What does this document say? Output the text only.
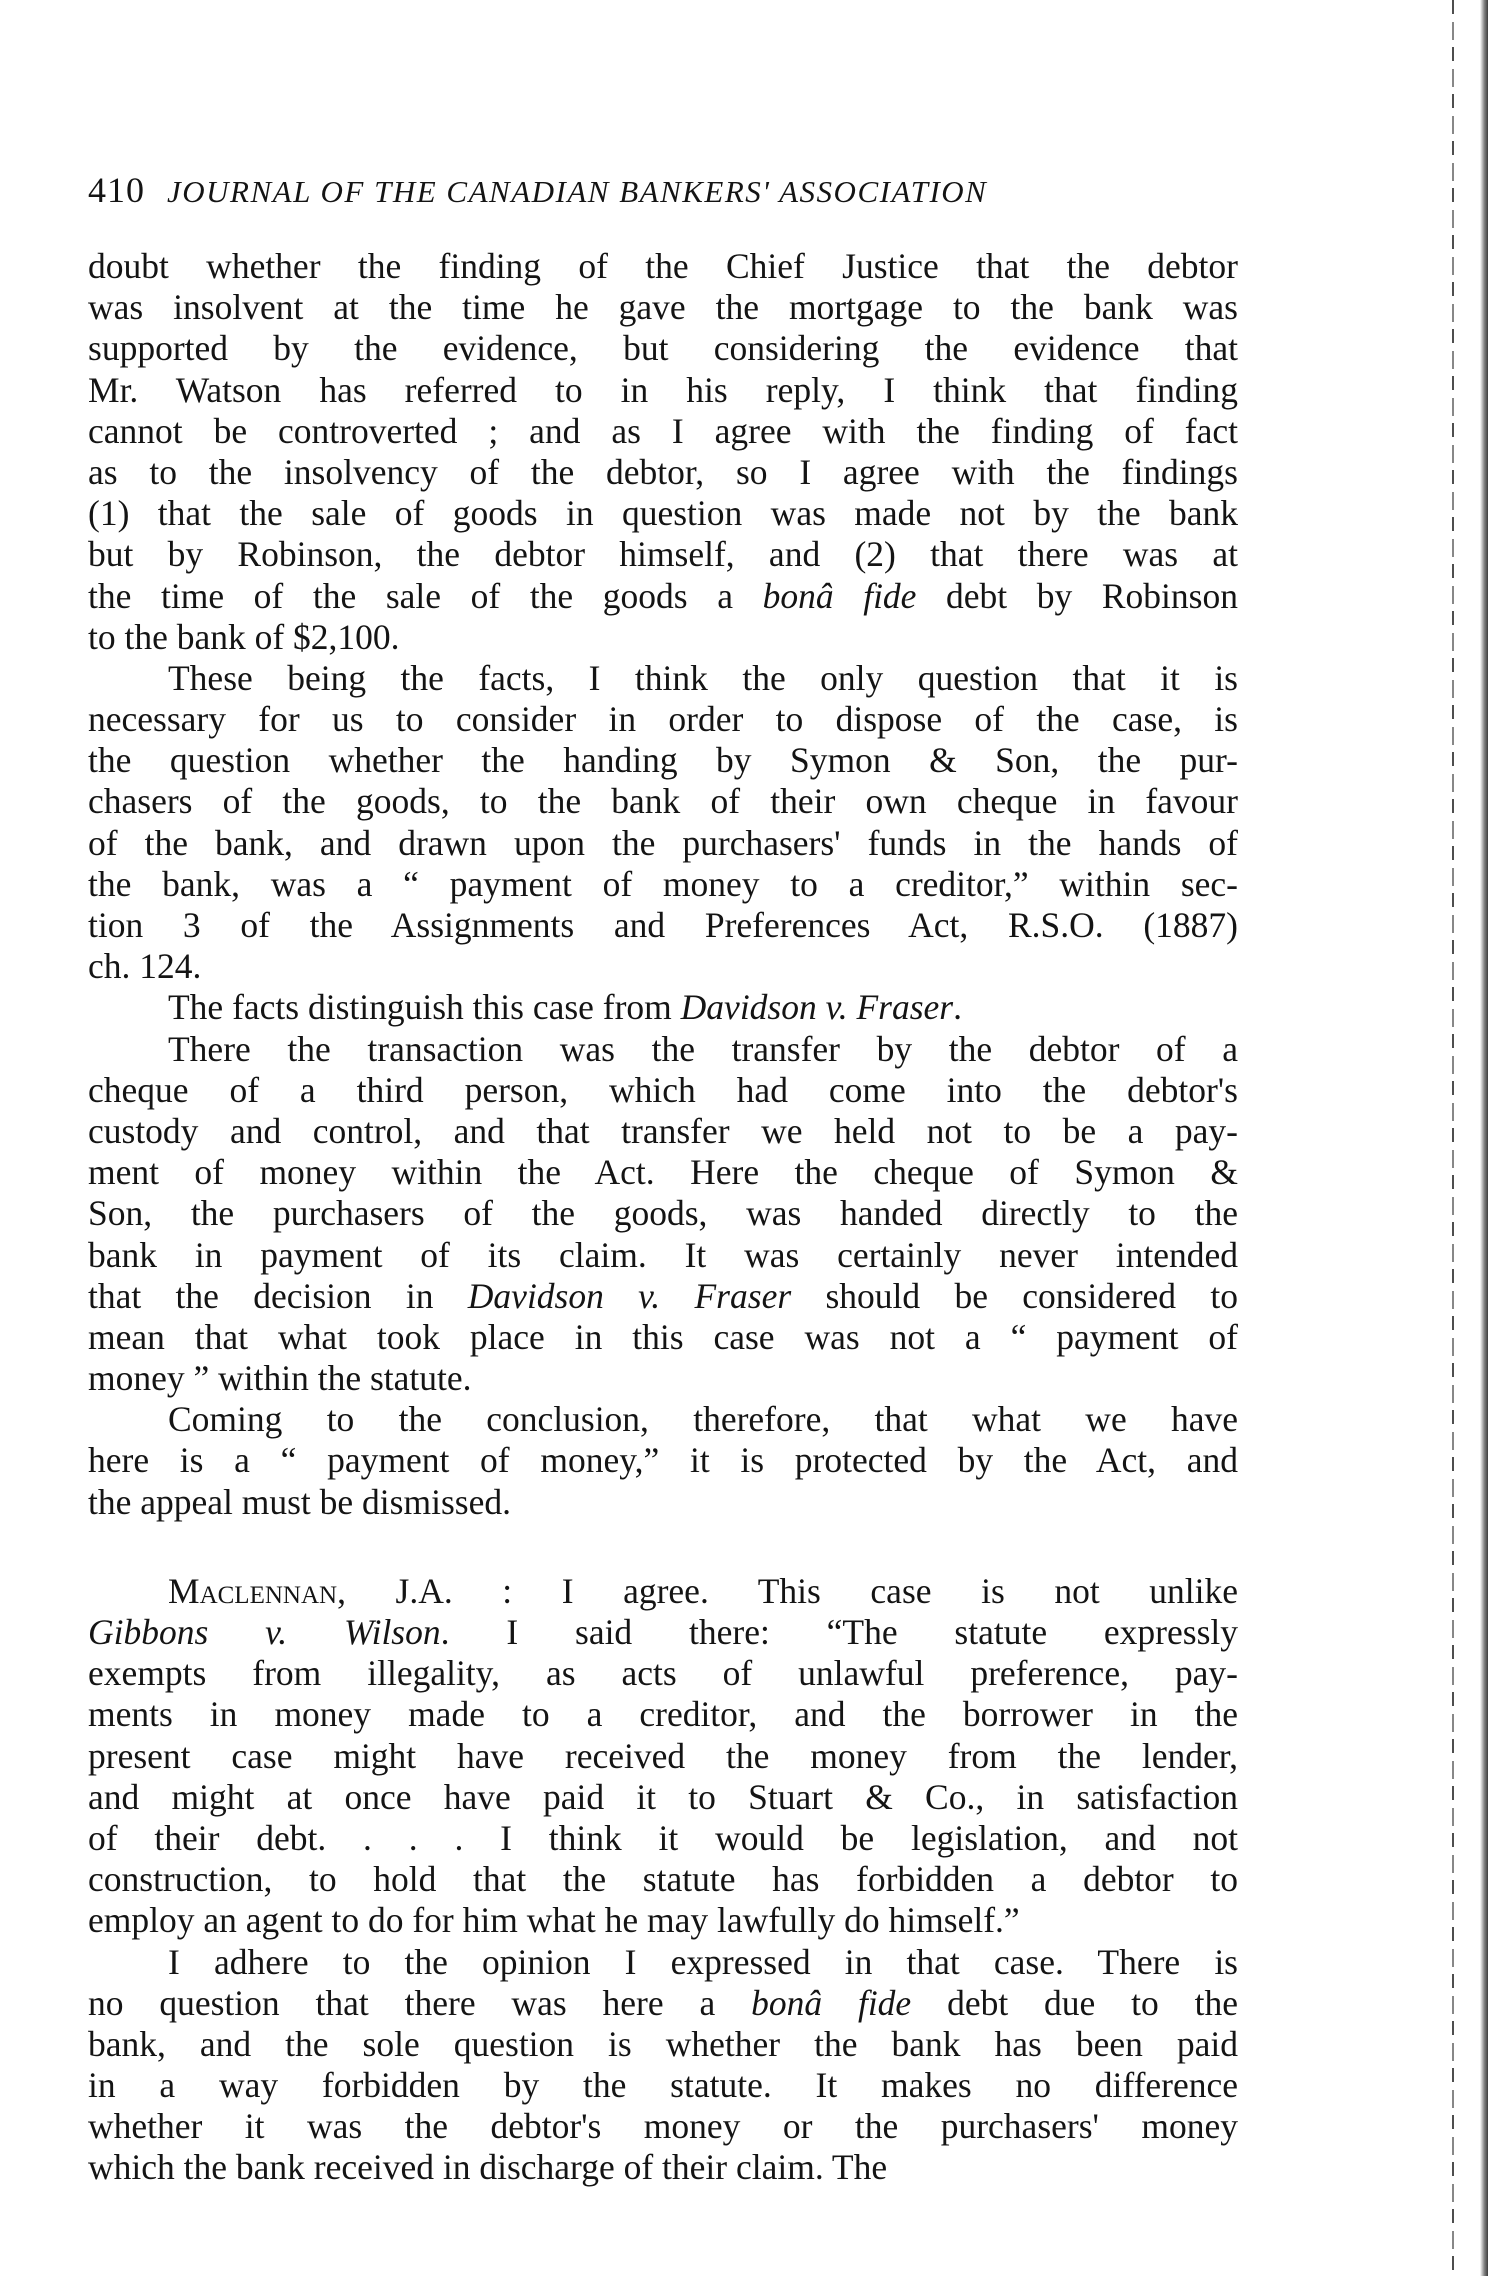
410 JOURNAL OF THE CANADIAN BANKERS' ASSOCIATION
doubt whether the finding of the Chief Justice that the debtor
was insolvent at the time he gave the mortgage to the bank was
supported by the evidence, but considering the evidence that
Mr. Watson has referred to in his reply, I think that finding
cannot be controverted ; and as I agree with the finding of fact
as to the insolvency of the debtor, so I agree with the findings
(1) that the sale of goods in question was made not by the bank
but by Robinson, the debtor himself, and (2) that there was at
the time of the sale of the goods a bonâ fide debt by Robinson
to the bank of $2,100.
These being the facts, I think the only question that it is
necessary for us to consider in order to dispose of the case, is
the question whether the handing by Symon & Son, the pur-
chasers of the goods, to the bank of their own cheque in favour
of the bank, and drawn upon the purchasers' funds in the hands of
the bank, was a “ payment of money to a creditor,” within sec-
tion 3 of the Assignments and Preferences Act, R.S.O. (1887)
ch. 124.
The facts distinguish this case from Davidson v. Fraser.
There the transaction was the transfer by the debtor of a
cheque of a third person, which had come into the debtor's
custody and control, and that transfer we held not to be a pay-
ment of money within the Act. Here the cheque of Symon &
Son, the purchasers of the goods, was handed directly to the
bank in payment of its claim. It was certainly never intended
that the decision in Davidson v. Fraser should be considered to
mean that what took place in this case was not a “ payment of
money ” within the statute.
Coming to the conclusion, therefore, that what we have
here is a “ payment of money,” it is protected by the Act, and
the appeal must be dismissed.
Maclennan, J.A. : I agree. This case is not unlike
Gibbons v. Wilson. I said there: “The statute expressly
exempts from illegality, as acts of unlawful preference, pay-
ments in money made to a creditor, and the borrower in the
present case might have received the money from the lender,
and might at once have paid it to Stuart & Co., in satisfaction
of their debt. . . . I think it would be legislation, and not
construction, to hold that the statute has forbidden a debtor to
employ an agent to do for him what he may lawfully do himself.”
I adhere to the opinion I expressed in that case. There is
no question that there was here a bonâ fide debt due to the
bank, and the sole question is whether the bank has been paid
in a way forbidden by the statute. It makes no difference
whether it was the debtor's money or the purchasers' money
which the bank received in discharge of their claim. The
